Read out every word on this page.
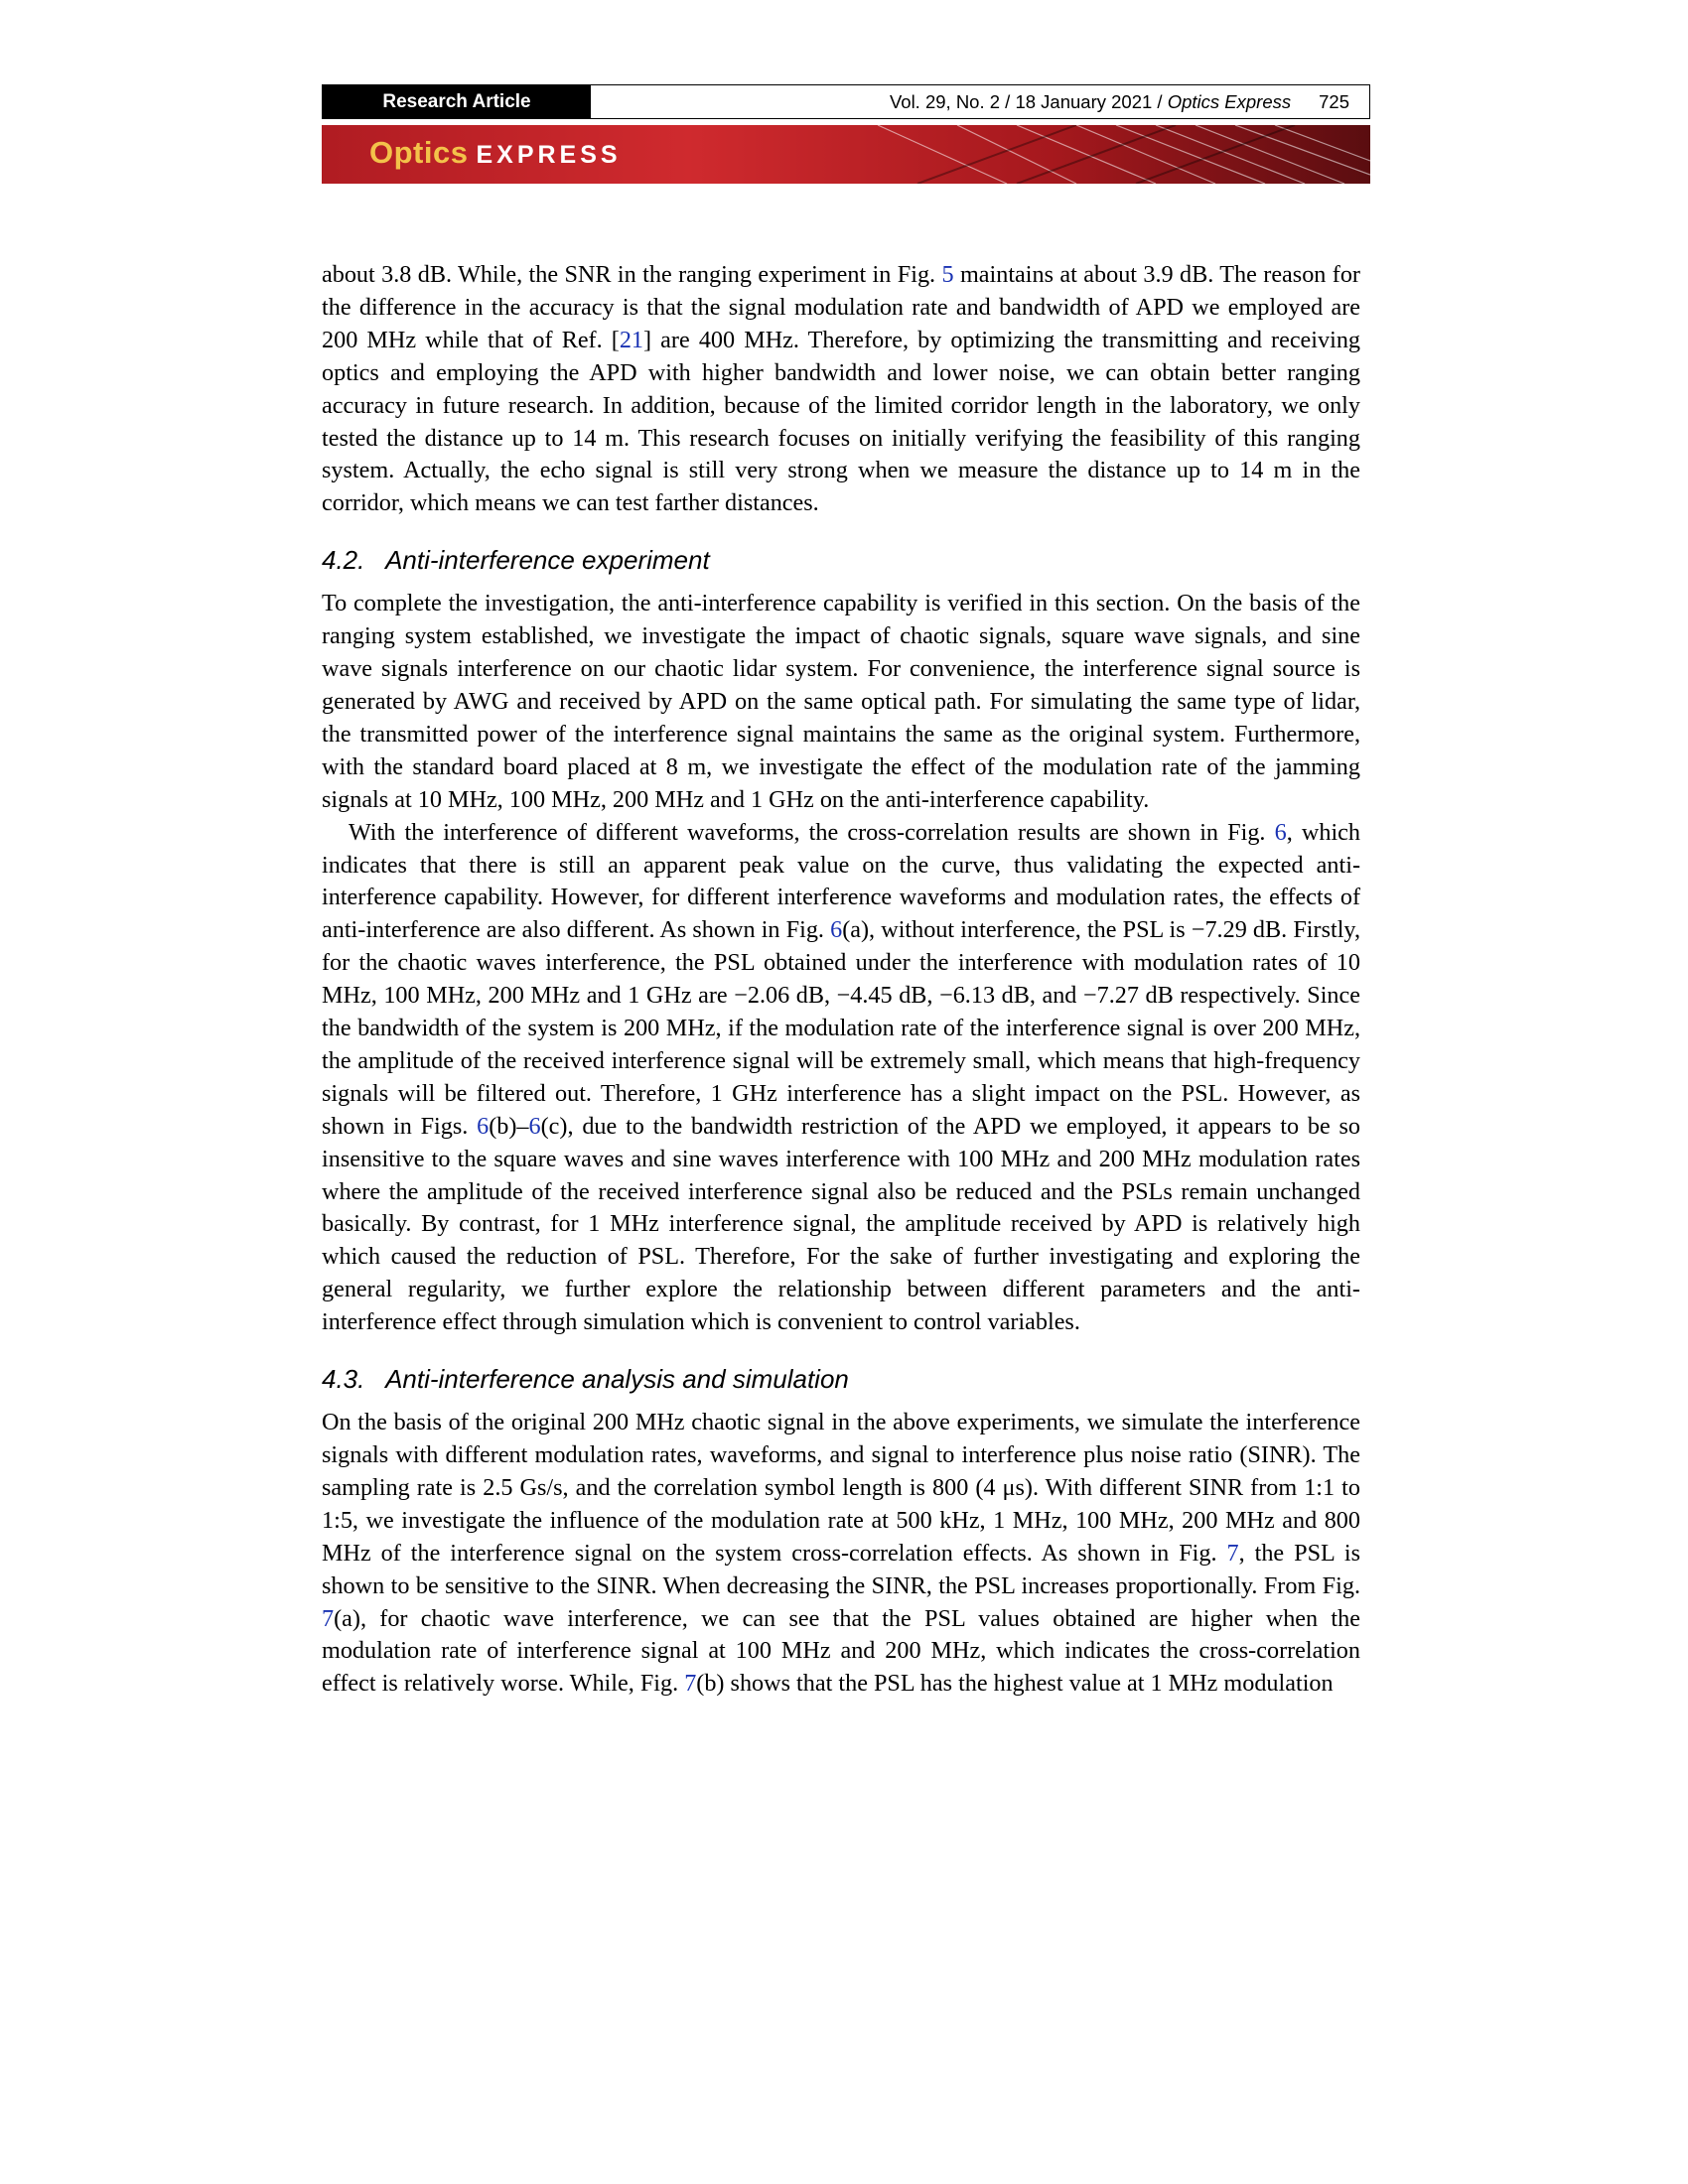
Research Article	Vol. 29, No. 2 / 18 January 2021 / Optics Express 725
Optics EXPRESS

about 3.8 dB. While, the SNR in the ranging experiment in Fig. 5 maintains at about 3.9 dB. The reason for the difference in the accuracy is that the signal modulation rate and bandwidth of APD we employed are 200 MHz while that of Ref. [21] are 400 MHz. Therefore, by optimizing the transmitting and receiving optics and employing the APD with higher bandwidth and lower noise, we can obtain better ranging accuracy in future research. In addition, because of the limited corridor length in the laboratory, we only tested the distance up to 14 m. This research focuses on initially verifying the feasibility of this ranging system. Actually, the echo signal is still very strong when we measure the distance up to 14 m in the corridor, which means we can test farther distances.

4.2.   Anti-interference experiment

To complete the investigation, the anti-interference capability is verified in this section. On the basis of the ranging system established, we investigate the impact of chaotic signals, square wave signals, and sine wave signals interference on our chaotic lidar system. For convenience, the interference signal source is generated by AWG and received by APD on the same optical path. For simulating the same type of lidar, the transmitted power of the interference signal maintains the same as the original system. Furthermore, with the standard board placed at 8 m, we investigate the effect of the modulation rate of the jamming signals at 10 MHz, 100 MHz, 200 MHz and 1 GHz on the anti-interference capability.

With the interference of different waveforms, the cross-correlation results are shown in Fig. 6, which indicates that there is still an apparent peak value on the curve, thus validating the expected anti-interference capability. However, for different interference waveforms and modulation rates, the effects of anti-interference are also different. As shown in Fig. 6(a), without interference, the PSL is −7.29 dB. Firstly, for the chaotic waves interference, the PSL obtained under the interference with modulation rates of 10 MHz, 100 MHz, 200 MHz and 1 GHz are −2.06 dB, −4.45 dB, −6.13 dB, and −7.27 dB respectively. Since the bandwidth of the system is 200 MHz, if the modulation rate of the interference signal is over 200 MHz, the amplitude of the received interference signal will be extremely small, which means that high-frequency signals will be filtered out. Therefore, 1 GHz interference has a slight impact on the PSL. However, as shown in Figs. 6(b)–6(c), due to the bandwidth restriction of the APD we employed, it appears to be so insensitive to the square waves and sine waves interference with 100 MHz and 200 MHz modulation rates where the amplitude of the received interference signal also be reduced and the PSLs remain unchanged basically. By contrast, for 1 MHz interference signal, the amplitude received by APD is relatively high which caused the reduction of PSL. Therefore, For the sake of further investigating and exploring the general regularity, we further explore the relationship between different parameters and the anti-interference effect through simulation which is convenient to control variables.

4.3.   Anti-interference analysis and simulation

On the basis of the original 200 MHz chaotic signal in the above experiments, we simulate the interference signals with different modulation rates, waveforms, and signal to interference plus noise ratio (SINR). The sampling rate is 2.5 Gs/s, and the correlation symbol length is 800 (4 μs). With different SINR from 1:1 to 1:5, we investigate the influence of the modulation rate at 500 kHz, 1 MHz, 100 MHz, 200 MHz and 800 MHz of the interference signal on the system cross-correlation effects. As shown in Fig. 7, the PSL is shown to be sensitive to the SINR. When decreasing the SINR, the PSL increases proportionally. From Fig. 7(a), for chaotic wave interference, we can see that the PSL values obtained are higher when the modulation rate of interference signal at 100 MHz and 200 MHz, which indicates the cross-correlation effect is relatively worse. While, Fig. 7(b) shows that the PSL has the highest value at 1 MHz modulation
